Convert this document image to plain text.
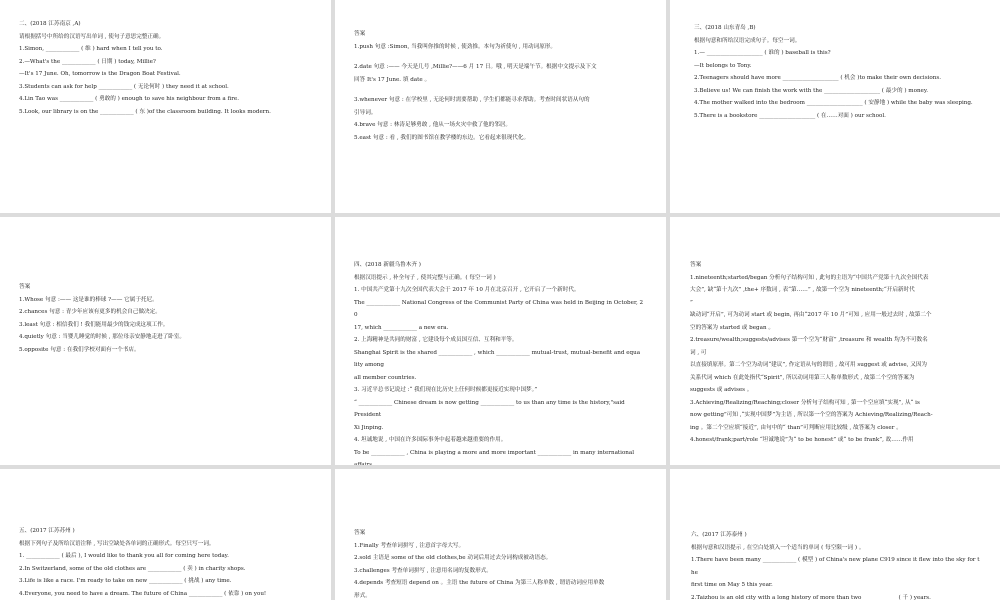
二、(2018 江苏南京 ,A)
请根据括号中所给的汉语写出单词 , 使句子意思完整正确。
1.Simon, ____________ ( 维 ) hard when I tell you to.
2.—What's the ____________ ( 日期 ) today, Millie?
—It's 17 June. Oh, tomorrow is the Dragon Boat Festival.
3.Students can ask for help ____________ ( 无论何时 ) they need it at school.
4.Lin Tao was ____________ ( 勇敢的 ) enough to save his neighbour from a fire.
5.Look, our library is on the ____________ ( 东 )of the classroom building. It looks modern.
答案
1.push 句意 :Simon, 当我叫你推的时候 , 使劲推。本句为祈使句 , 用动词原形。
2.date 句意 :—— 今天是几号 ,Millie?——6 月 17 日。哦 , 明天是端午节。根据中文提示及下文
回答 It's 17 June. 填 date 。
3.whenever 句意 : 在学校里 , 无论何时需要帮助 , 学生们都能寻求帮助。考查时间状语从句的
引导词。
4.brave 句意 : 林涛足够勇敢 , 他从一场火灾中救了他的邻居。
5.east 句意 : 看 , 我们的图书馆在教学楼的东边。它看起来很现代化。
三、(2018 山东青岛 ,B)
根据句意和所给汉语完成句子。每空一词。
1.— ____________________ ( 谁的 ) baseball is this?
—It belongs to Tony.
2.Teenagers should have more ____________________ ( 机会 )to make their own decisions.
3.Believe us! We can finish the work with the ____________________ ( 最少的 ) money.
4.The mother walked into the bedroom ____________________ ( 安静地 ) while the baby was sleeping.
5.There is a bookstore ____________________ ( 在……对面 ) our school.
答案
1.Whose 句意 :—— 这是谁的棒球 ?—— 它属于托尼。
2.chances 句意 : 青少年应该有更多的机会自己做决定。
3.least 句意 : 相信我们 ! 我们能用最少的钱完成这项工作。
4.quietly 句意 : 当婴儿睡觉的时候 , 那位母亲安静地走进了卧室。
5.opposite 句意 : 在我们学校对面有一个书店。
四、(2018 新疆乌鲁木齐 )
根据汉语提示 , 补全句子 , 使其完整与正确。( 每空一词 )
1. 中国共产党第十九次全国代表大会于 2017 年 10 月在北京召开 , 它开启了一个新时代。
The ____________ National Congress of the Communist Party of China was held in Beijing in October, 2
0
17, which ____________ a new era.
2. 上海精神是共同的财富 , 它建设每个成员国互信、互利和平等。
Shanghai Spirit is the shared ____________ , which ____________ mutual-trust, mutual-benefit and equa
lity among
all member countries.
3. 习近平总书记说过 :“ 我们现在比历史上任何时候都更接近实现中国梦。”
“ ____________ Chinese dream is now getting ____________ to us than any time is the history,"said
President
Xi Jinping.
4. 坦诚地说 , 中国在许多国际事务中起着越来越重要的作用。
To be ____________ , China is playing a more and more important ____________ in many international
affairs.
答案
1.nineteenth;started/began 分析句子结构可知 , 此句的主语为“中国共产党第十九次全国代表
大会”, 缺“第十九次” ,the+ 序数词 , 表“第……” , 故第一个空为 nineteenth;“开启新时代
”
缺动词“开启”, 可为动词 start 或 begin, 再由“2017 年 10 月”可知 , 应用一般过去时 , 故第二个
空的答案为 started 或 began 。
2.treasure/wealth;suggests/advises 第一个空为“财富” ,treasure 和 wealth 均为不可数名
词 , 可
以直接填原形。第二个空为动词“建议”, 作定语从句的谓语 , 故可用 suggest 或 advise, 又因为
关系代词 which 在此处指代“Spirit”, 所以动词用第三人称单数形式 , 故第二个空的答案为
suggests 或 advises 。
3.Achieving/Realizing/Reaching;closer 分析句子结构可知 , 第一个空应填“实现”, 从“ is
now getting”可知 ,“实现中国梦”为主语 , 所以第一个空的答案为 Achieving/Realizing/Reach-
ing 。第二个空应填“接近”, 由句中的“ than”可判断应用比较级 , 故答案为 closer 。
4.honest/frank;part/role “坦诚地说”为“ to be honest” 或“ to be frank”, 故……作用
五、(2017 江苏苏州 )
根据下列句子及所给汉语注释 , 写出空缺处各单词的正确形式。每空只写一词。
1. ____________ ( 最后 ), I would like to thank you all for coming here today.
2.In Switzerland, some of the old clothes are ____________ ( 卖 ) in charity shops.
3.Life is like a race. I'm ready to take on new ____________ ( 挑战 ) any time.
4.Everyone, you need to have a dream. The future of China ____________ ( 依靠 ) on you!
答案
1.Finally 考查单词拼写 , 注意首字母大写。
2.sold 主语是 some of the old clothes,be 动词后用过去分词构成被动语态。
3.challenges 考查单词拼写 , 注意用名词的复数形式。
4.depends 考查短语 depend on 。主语 the future of China 为第三人称单数 , 谓语动词应用单数
形式。
六、(2017 江苏泰州 )
根据句意和汉语提示 , 在空白处填入一个适当的单词 ( 每空限一词 ) 。
1.There have been many ____________ ( 模型 ) of China's new plane C919 since it flew into the sky for t
he
first time on May 5 this year.
2.Taizhou is an old city with a long history of more than two ____________ ( 千 ) years.
